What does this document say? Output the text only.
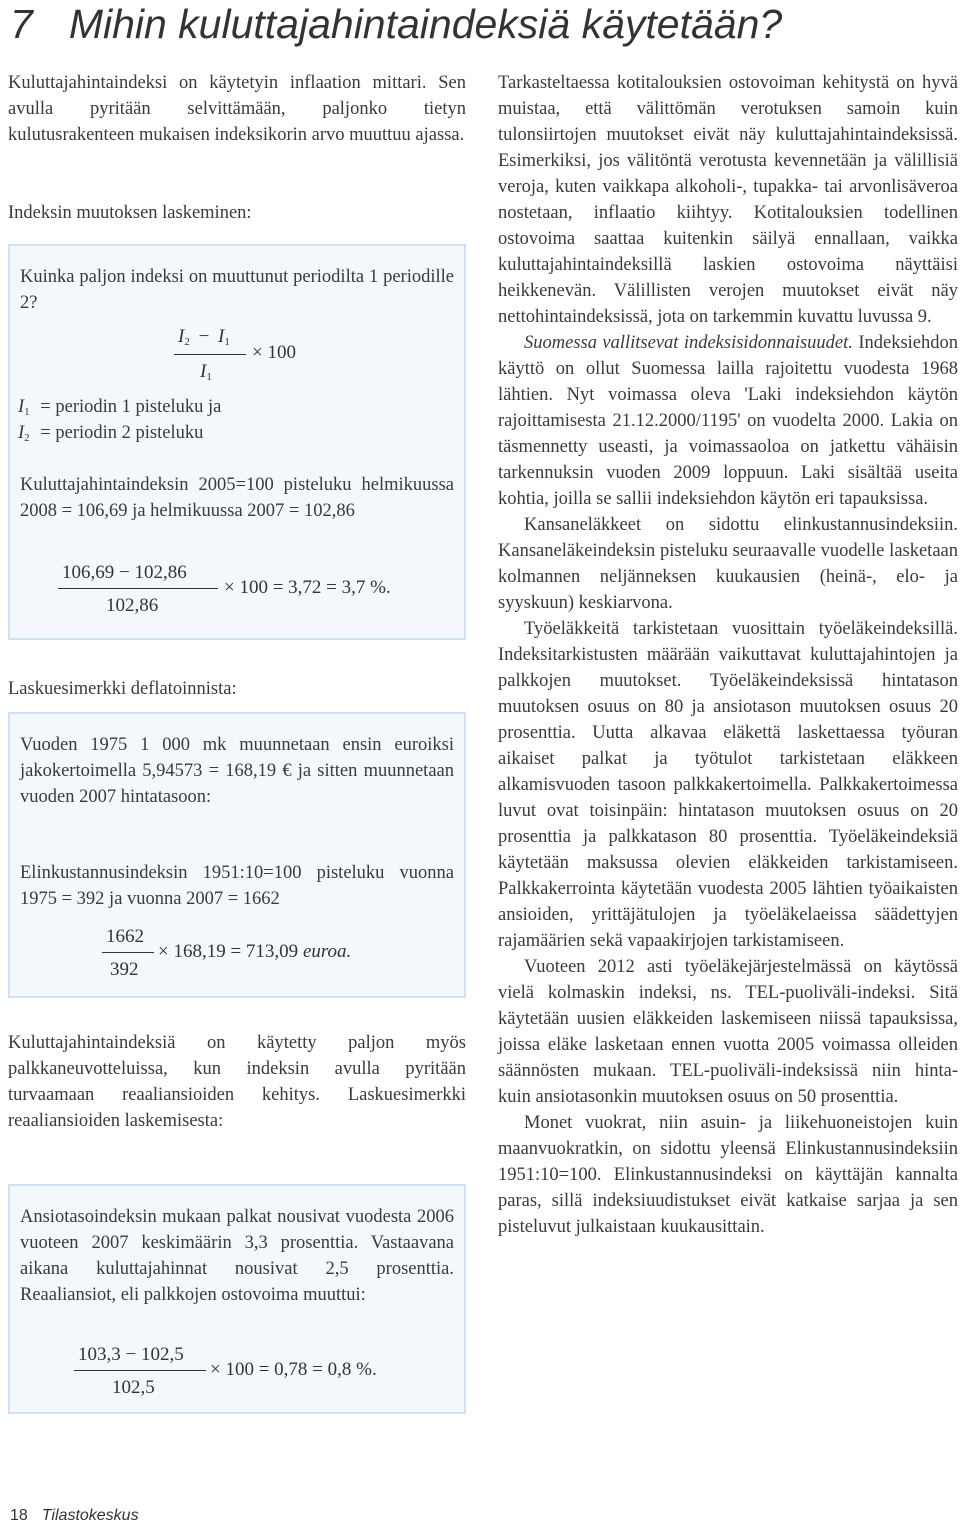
7 Mihin kuluttajahintaindeksiä käytetään?

Kuluttajahintaindeksi on käytetyin inflaation mittari. Sen avulla pyritään selvittämään, paljonko tietyn kulutusrakenteen mukaisen indeksikorin arvo muuttuu ajassa.

Indeksin muutoksen laskeminen:

Kuinka paljon indeksi on muuttunut periodilta 1 periodille 2?

$I_2 - I_1 \times 100$
$I_1$
$I_1$ = periodin 1 pisteluku ja
$I_2$ = periodin 2 pisteluku

Kuluttajahintaindeksin 2005=100 pisteluku helmikuussa 2008 = 106,69 ja helmikuussa 2007 = 102,86

106,69 − 102,86
× 100 = 3,72 = 3,7 %.
102,86

Laskuesimerkki deflatoinnista:

Vuoden 1975 1 000 mk muunnetaan ensin euroiksi jakokertoimella 5,94573 = 168,19 € ja sitten muunnetaan vuoden 2007 hintatasoon:

Elinkustannusindeksin 1951:10=100 pisteluku vuonna 1975 = 392 ja vuonna 2007 = 1662

1662
× 168,19 = 713,09 euroa.
392

Kuluttajahintaindeksiä on käytetty paljon myös palkkaneuvotteluissa, kun indeksin avulla pyritään turvaamaan reaaliansioiden kehitys. Laskuesimerkki reaaliansioiden laskemisesta:

Ansiotasoindeksin mukaan palkat nousivat vuodesta 2006 vuoteen 2007 keskimäärin 3,3 prosenttia. Vastaavana aikana kuluttajahinnat nousivat 2,5 prosenttia. Reaaliansiot, eli palkkojen ostovoima muuttui:

103,3 − 102,5
× 100 = 0,78 = 0,8 %.
102,5

Tarkasteltaessa kotitalouksien ostovoiman kehitystä on hyvä muistaa, että välittömän verotuksen samoin kuin tulonsiirtojen muutokset eivät näy kuluttajahintaindeksissä. Esimerkiksi, jos välitöntä verotusta kevennetään ja välillisiä veroja, kuten vaikkapa alkoholi-, tupakka- tai arvonlisäveroa nostetaan, inflaatio kiihtyy. Kotitalouksien todellinen ostovoima saattaa kuitenkin säilyä ennallaan, vaikka kuluttajahintaindeksillä laskien ostovoima näyttäisi heikkenevän. Välillisten verojen muutokset eivät näy nettohintaindeksissä, jota on tarkemmin kuvattu luvussa 9.

Suomessa vallitsevat indeksisidonnaisuudet. Indeksiehdon käyttö on ollut Suomessa lailla rajoitettu vuodesta 1968 lähtien. Nyt voimassa oleva 'Laki indeksiehdon käytön rajoittamisesta 21.12.2000/1195' on vuodelta 2000. Lakia on täsmennetty useasti, ja voimassaoloa on jatkettu vähäisin tarkennuksin vuoden 2009 loppuun. Laki sisältää useita kohtia, joilla se sallii indeksiehdon käytön eri tapauksissa.

Kansaneläkkeet on sidottu elinkustannusindeksiin. Kansaneläkeindeksin pisteluku seuraavalle vuodelle lasketaan kolmannen neljänneksen kuukausien (heinä-, elo- ja syyskuun) keskiarvona.

Työeläkkeitä tarkistetaan vuosittain työeläkeindeksillä. Indeksitarkistusten määrään vaikuttavat kuluttajahintojen ja palkkojen muutokset. Työeläkeindeksissä hintatason muutoksen osuus on 80 ja ansiotason muutoksen osuus 20 prosenttia. Uutta alkavaa eläkettä laskettaessa työuran aikaiset palkat ja työtulot tarkistetaan eläkkeen alkamisvuoden tasoon palkkakertoimella. Palkkakertoimessa luvut ovat toisinpäin: hintatason muutoksen osuus on 20 prosenttia ja palkkatason 80 prosenttia. Työeläkeindeksiä käytetään maksussa olevien eläkkeiden tarkistamiseen. Palkkakerrointa käytetään vuodesta 2005 lähtien työaikaisten ansioiden, yrittäjätulojen ja työeläkelaeissa säädettyjen rajamäärien sekä vapaakirjojen tarkistamiseen.

Vuoteen 2012 asti työeläkejärjestelmässä on käytössä vielä kolmaskin indeksi, ns. TEL-puoliväli-indeksi. Sitä käytetään uusien eläkkeiden laskemiseen niissä tapauksissa, joissa eläke lasketaan ennen vuotta 2005 voimassa olleiden säännösten mukaan. TEL-puoliväli-indeksissä niin hinta- kuin ansiotasonkin muutoksen osuus on 50 prosenttia.

Monet vuokrat, niin asuin- ja liikehuoneistojen kuin maanvuokratkin, on sidottu yleensä Elinkustannusindeksiin 1951:10=100. Elinkustannusindeksi on käyttäjän kannalta paras, sillä indeksiuudistukset eivät katkaise sarjaa ja sen pisteluvut julkaistaan kuukausittain.

18 Tilastokeskus
